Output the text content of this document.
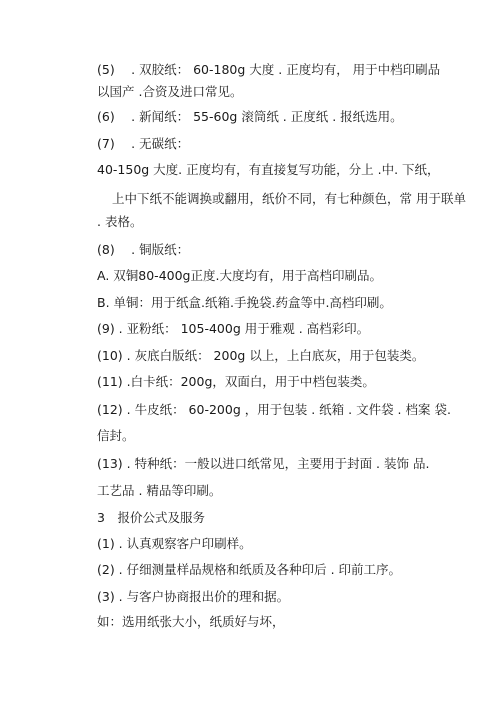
(5)　 . 双胶纸： 60-180g 大度 . 正度均有， 用于中档印刷品
以国产 .合资及进口常见。
(6)　 . 新闻纸： 55-60g 滚筒纸 . 正度纸 . 报纸选用。
(7)　 . 无碳纸：
40-150g 大度. 正度均有，有直接复写功能，分上 .中. 下纸，
上中下纸不能调换或翻用，纸价不同，有七种颜色，常 用于联单
. 表格。
(8)　 . 铜版纸：
A. 双铜80-400g正度.大度均有，用于高档印刷品。
B. 单铜：用于纸盒.纸箱.手挽袋.药盒等中.高档印刷。
(9) . 亚粉纸： 105-400g 用于雅观 . 高档彩印。
(10) . 灰底白版纸： 200g 以上，上白底灰，用于包装类。
(11) .白卡纸：200g，双面白，用于中档包装类。
(12) . 牛皮纸： 60-200g ，用于包装 . 纸箱 . 文件袋 . 档案 袋.
信封。
(13) . 特种纸：一般以进口纸常见，主要用于封面 . 装饰 品.
工艺品 . 精品等印刷。
3　报价公式及服务
(1) . 认真观察客户印刷样。
(2) . 仔细测量样品规格和纸质及各种印后 . 印前工序。
(3) . 与客户协商报出价的理和据。
如：选用纸张大小，纸质好与坏，
